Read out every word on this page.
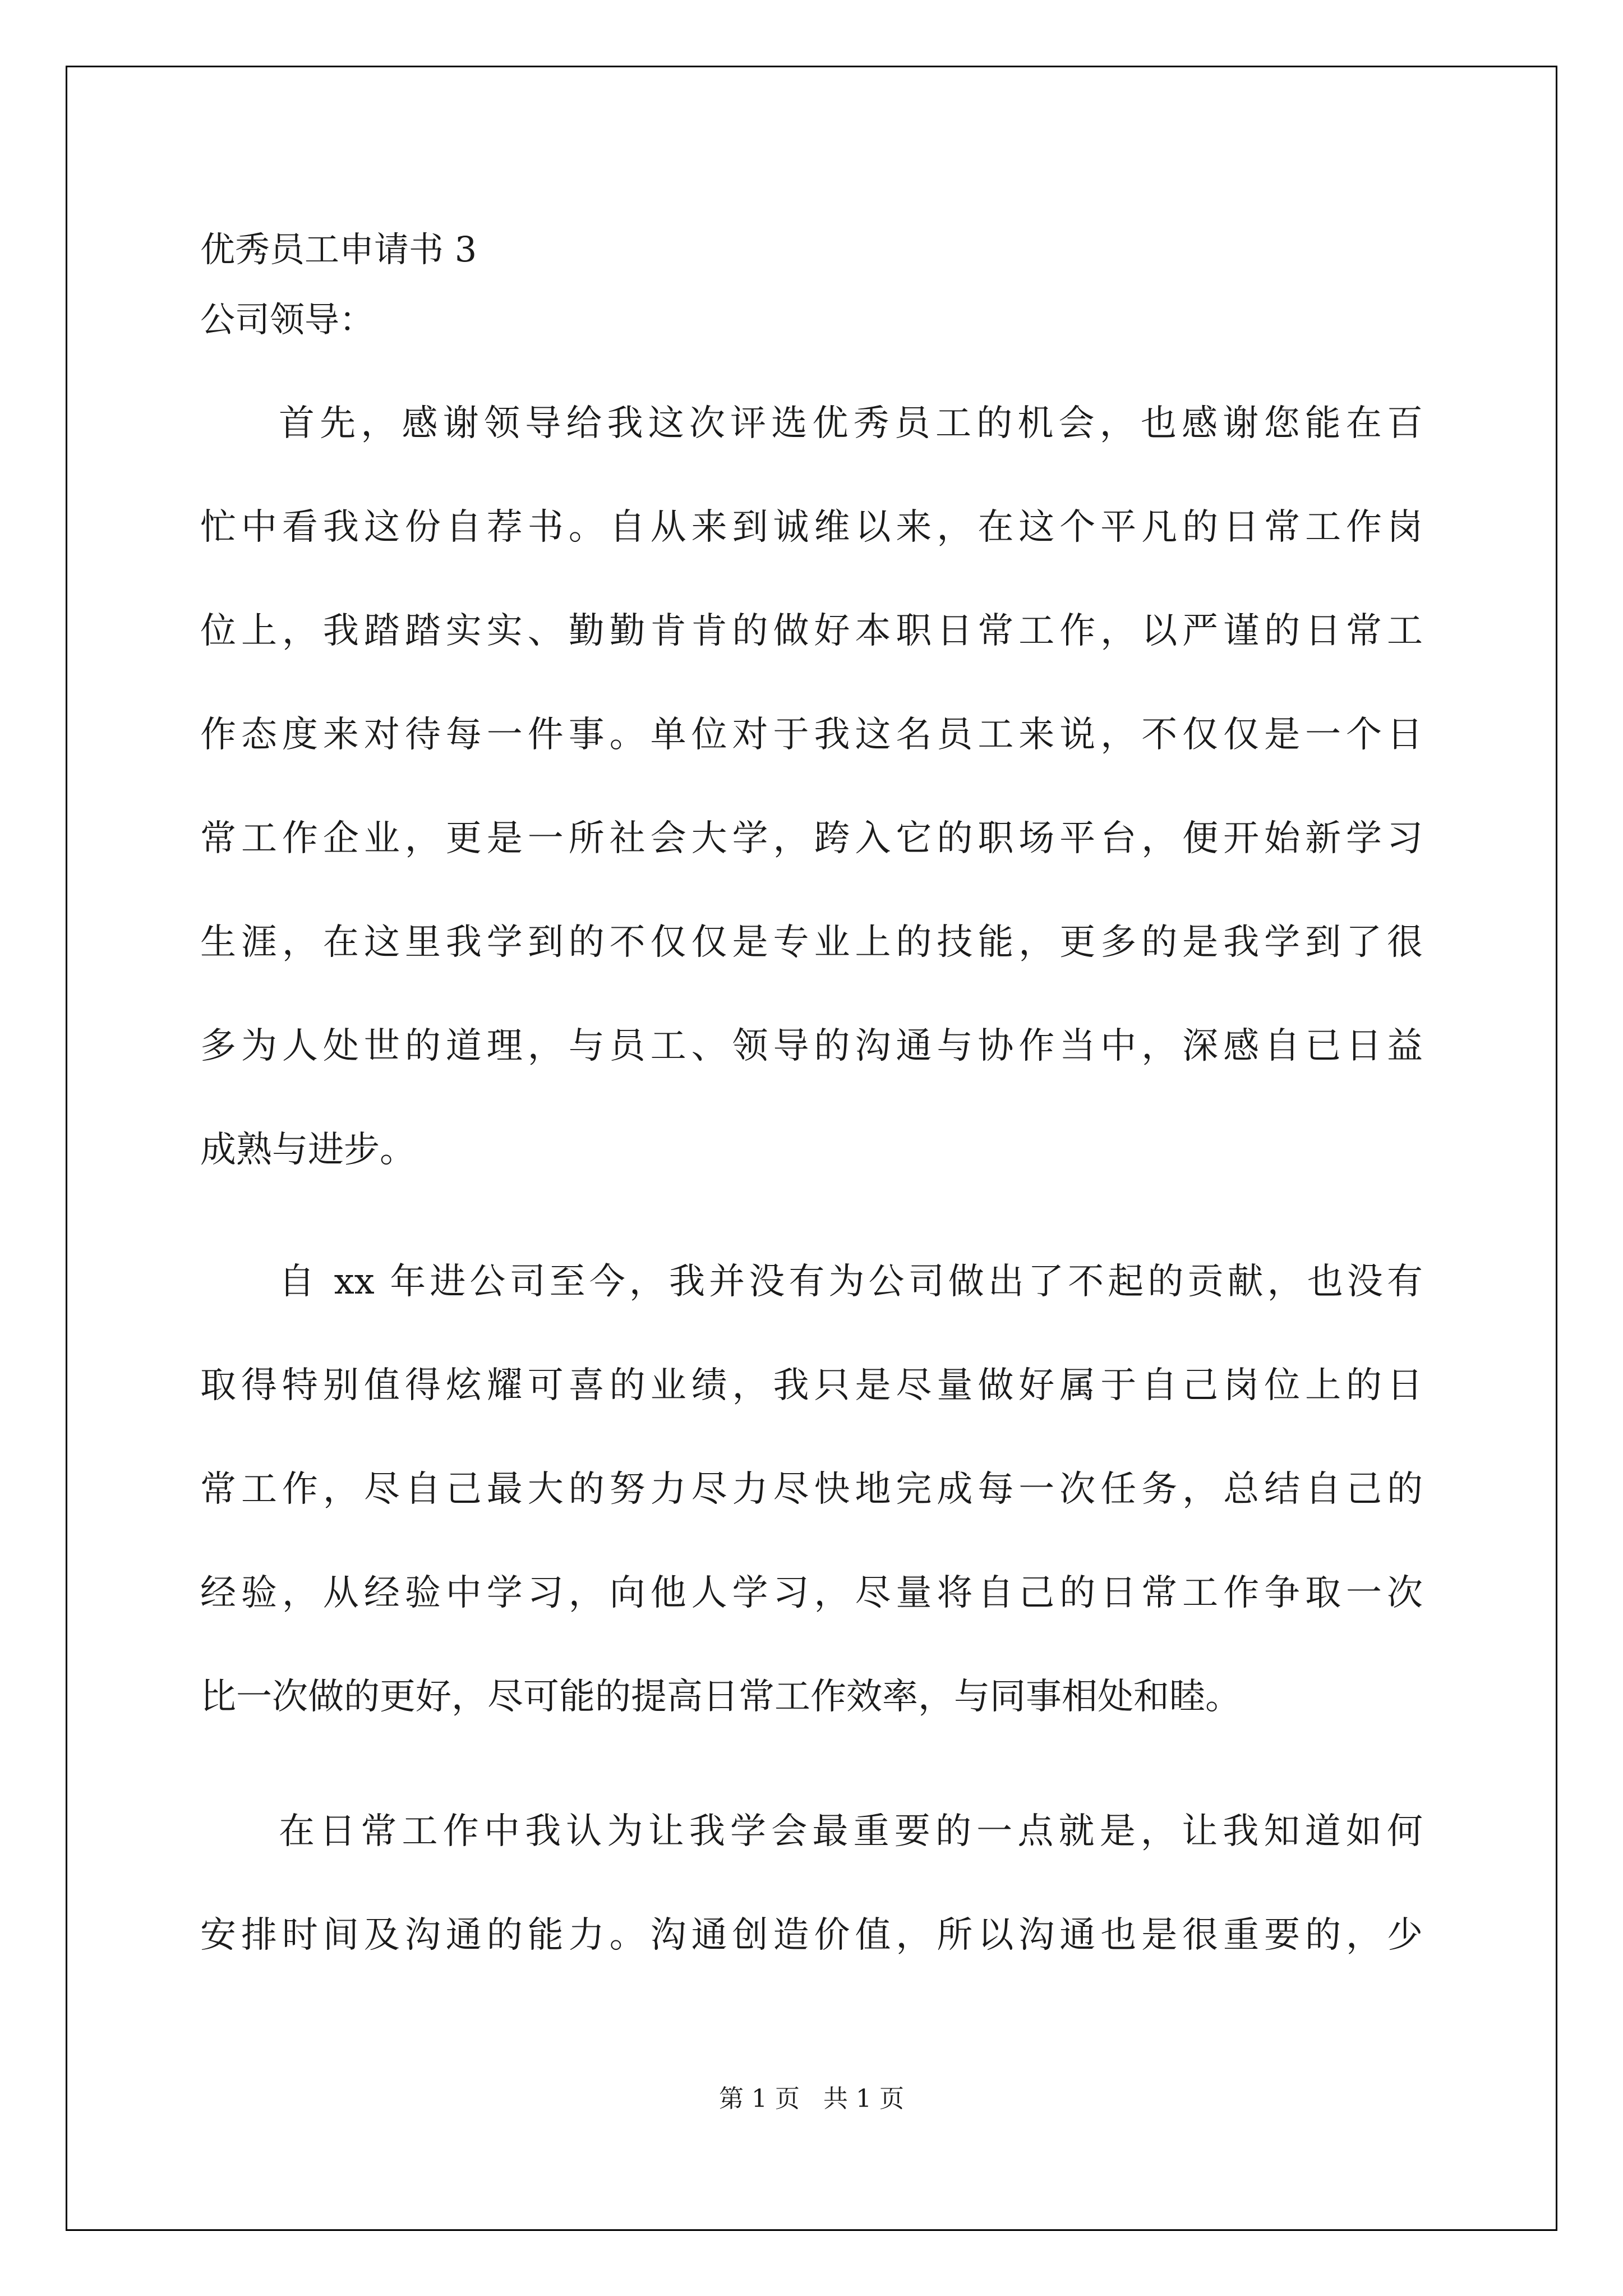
优秀员工申请书 3

公司领导：

首先，感谢领导给我这次评选优秀员工的机会，也感谢您能在百

忙中看我这份自荐书。自从来到诚维以来，在这个平凡的日常工作岗

位上，我踏踏实实、勤勤肯肯的做好本职日常工作，以严谨的日常工

作态度来对待每一件事。单位对于我这名员工来说，不仅仅是一个日

常工作企业，更是一所社会大学，跨入它的职场平台，便开始新学习

生涯，在这里我学到的不仅仅是专业上的技能，更多的是我学到了很

多为人处世的道理，与员工、领导的沟通与协作当中，深感自已日益

成熟与进步。

自 xx 年进公司至今，我并没有为公司做出了不起的贡献，也没有

取得特别值得炫耀可喜的业绩，我只是尽量做好属于自己岗位上的日

常工作，尽自己最大的努力尽力尽快地完成每一次任务，总结自己的

经验，从经验中学习，向他人学习，尽量将自己的日常工作争取一次

比一次做的更好，尽可能的提高日常工作效率，与同事相处和睦。

在日常工作中我认为让我学会最重要的一点就是，让我知道如何

安排时间及沟通的能力。沟通创造价值，所以沟通也是很重要的，少

第 1 页 共 1 页
